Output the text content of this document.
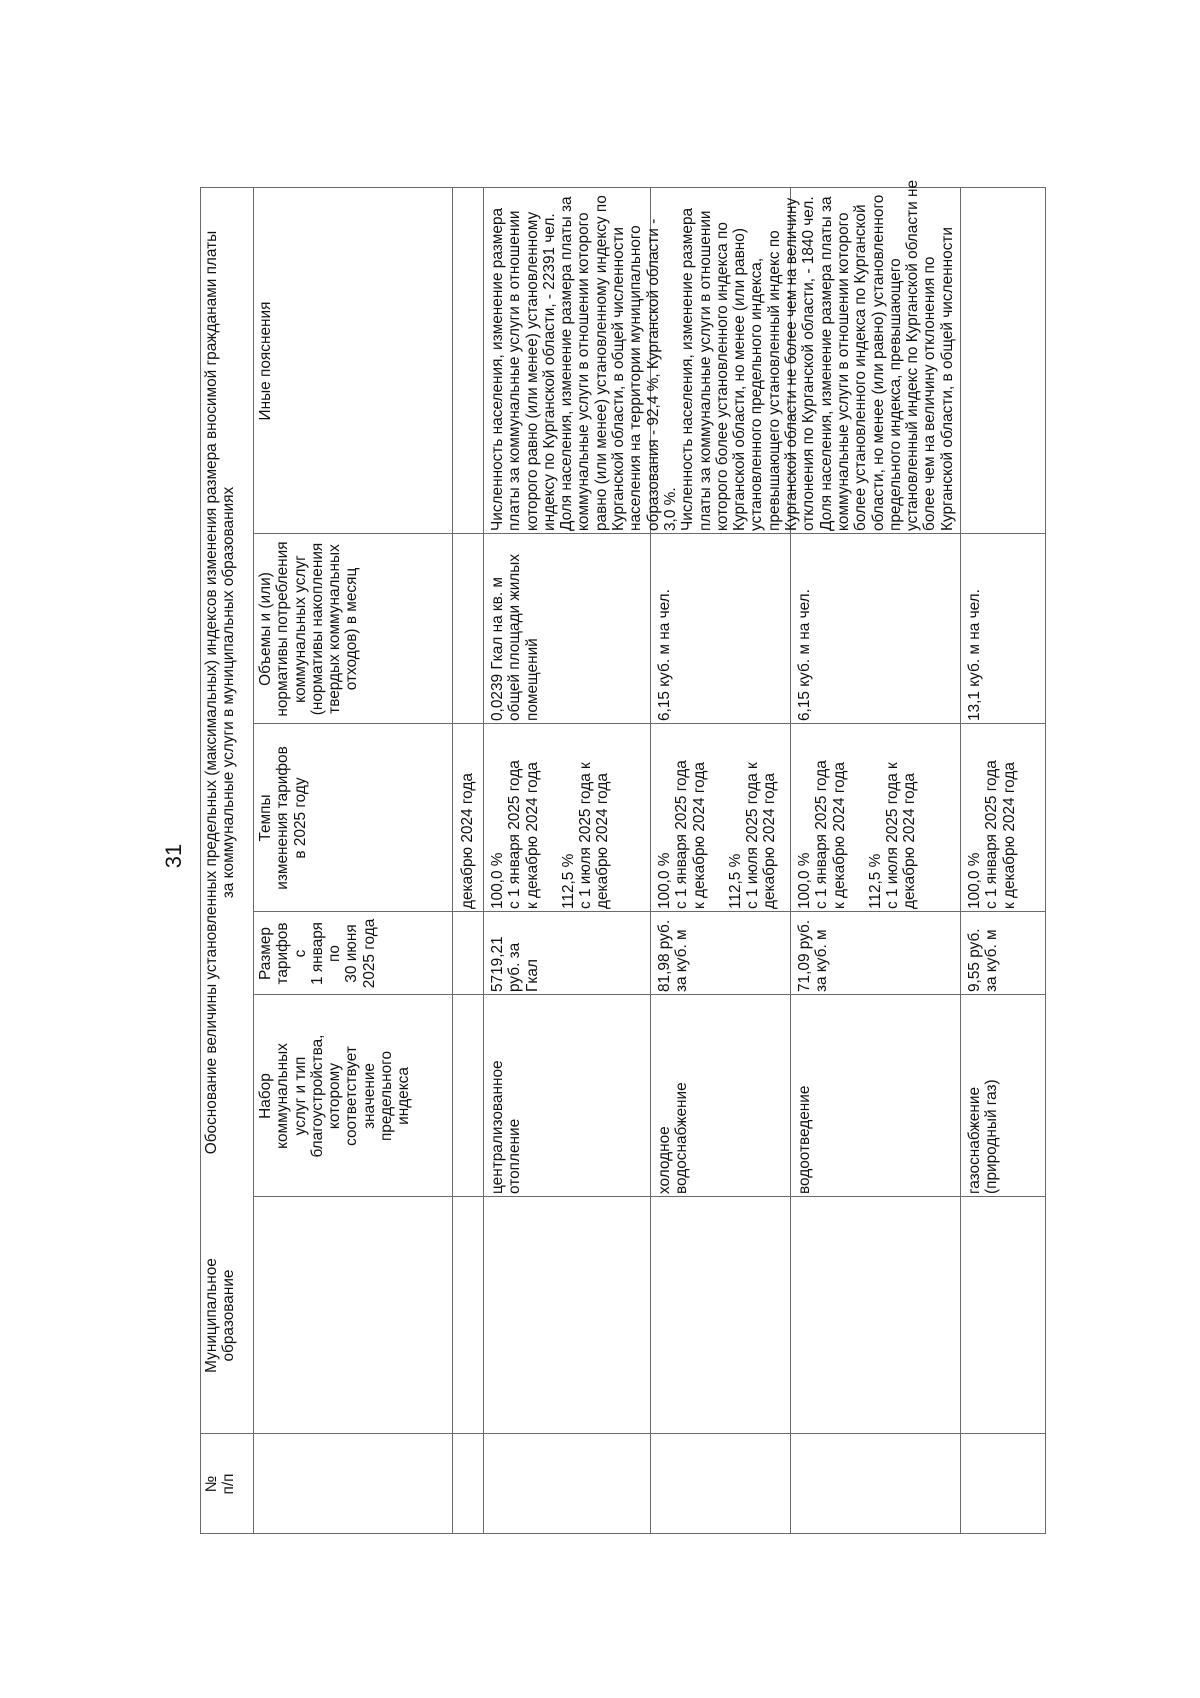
31
№ п/п
Муниципальное образование
Обоснование величины установленных предельных (максимальных) индексов изменения размера вносимой гражданами платы за коммунальные услуги в муниципальных образованиях
Набор коммунальных услуг и тип благоустройства, которому соответствует значение предельного индекса
Размер тарифов с 1 января по 30 июня 2025 года
Темпы изменения тарифов в 2025 году
Объемы и (или) нормативы потребления коммунальных услуг (нормативы накопления твердых коммунальных отходов) в месяц
Иные пояснения
декабрю 2024 года
централизованное отопление
5719,21 руб. за Гкал
100,0 % с 1 января 2025 года к декабрю 2024 года 112,5 % с 1 июля 2025 года к декабрю 2024 года
0,0239 Гкал на кв. м общей площади жилых помещений
холодное водоснабжение
81,98 руб. за куб. м
100,0 % с 1 января 2025 года к декабрю 2024 года 112,5 % с 1 июля 2025 года к декабрю 2024 года
6,15 куб. м на чел.
водоотведение
71,09 руб. за куб. м
100,0 % с 1 января 2025 года к декабрю 2024 года 112,5 % с 1 июля 2025 года к декабрю 2024 года
6,15 куб. м на чел.
газоснабжение (природный газ)
9,55 руб. за куб. м
100,0 % с 1 января 2025 года к декабрю 2024 года
13,1 куб. м на чел.
Численность населения, изменение размера платы за коммунальные услуги в отношении которого равно (или менее) установленному индексу по Курганской области, - 22391 чел. Доля населения, изменение размера платы за коммунальные услуги в отношении которого равно (или менее) установленному индексу по Курганской области, в общей численности населения на территории муниципального образования - 92,4 %, Курганской области - 3,0 %. Численность населения, изменение размера платы за коммунальные услуги в отношении которого более установленного индекса по Курганской области, но менее (или равно) установленного предельного индекса, превышающего установленный индекс по Курганской области не более чем на величину отклонения по Курганской области, - 1840 чел. Доля населения, изменение размера платы за коммунальные услуги в отношении которого более установленного индекса по Курганской области, но менее (или равно) установленного предельного индекса, превышающего установленный индекс по Курганской области не более чем на величину отклонения по Курганской области, в общей численности
